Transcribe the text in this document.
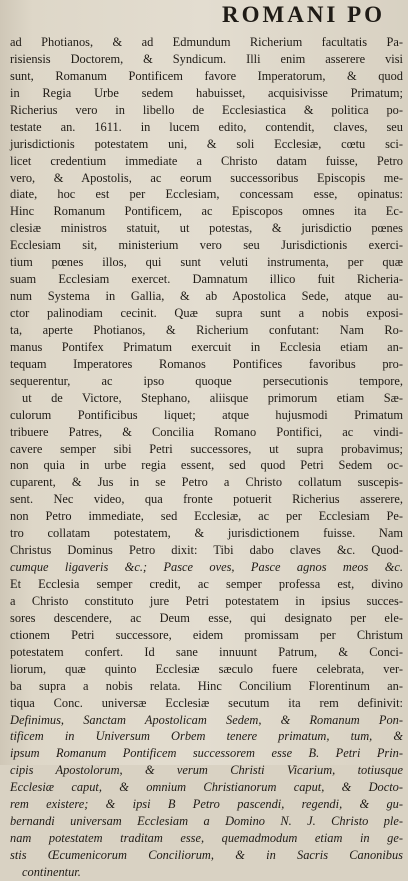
ROMANI PO
ad Photianos, & ad Edmundum Richerium facultatis Pa-
risiensis Doctorem, & Syndicum. Illi enim asserere visi
sunt, Romanum Pontificem favore Imperatorum, & quod
in Regia Urbe sedem habuisset, acquisivisse Primatum;
Richerius vero in libello de Ecclesiastica & politica po-
testate an. 1611. in lucem edito, contendit, claves, seu
jurisdictionis potestatem uni, & soli Ecclesiæ, cœtu sci-
licet credentium immediate a Christo datam fuisse, Petro
vero, & Apostolis, ac eorum successoribus Episcopis me-
diate, hoc est per Ecclesiam, concessam esse, opinatus:
Hinc Romanum Pontificem, ac Episcopos omnes ita Ec-
clesiæ ministros statuit, ut potestas, & jurisdictio pœnes
Ecclesiam sit, ministerium vero seu Jurisdictionis exerci-
tium pœnes illos, qui sunt veluti instrumenta, per quæ
suam Ecclesiam exercet. Damnatum illico fuit Richeria-
num Systema in Gallia, & ab Apostolica Sede, atque au-
ctor palinodiam cecinit. Quæ supra sunt a nobis exposi-
ta, aperte Photianos, & Richerium confutant: Nam Ro-
manus Pontifex Primatum exercuit in Ecclesia etiam an-
tequam Imperatores Romanos Pontifices favoribus pro-
sequerentur, ac ipso quoque persecutionis tempore,
ut de Victore, Stephano, aliisque primorum etiam Sæ-
culorum Pontificibus liquet; atque hujusmodi Primatum
tribuere Patres, & Concilia Romano Pontifici, ac vindi-
cavere semper sibi Petri successores, ut supra probavimus;
non quia in urbe regia essent, sed quod Petri Sedem oc-
cuparent, & Jus in se Petro a Christo collatum suscepis-
sent. Nec video, qua fronte potuerit Richerius asserere,
non Petro immediate, sed Ecclesiæ, ac per Ecclesiam Pe-
tro collatam potestatem, & jurisdictionem fuisse. Nam
Christus Dominus Petro dixit: Tibi dabo claves &c. Quod-
cumque ligaveris &c.; Pasce oves, Pasce agnos meos &c.
Et Ecclesia semper credit, ac semper professa est, divino
a Christo constituto jure Petri potestatem in ipsius succes-
sores descendere, ac Deum esse, qui designato per ele-
ctionem Petri successore, eidem promissam per Christum
potestatem confert. Id sane innuunt Patrum, & Conci-
liorum, quæ quinto Ecclesiæ sæculo fuere celebrata, ver-
ba supra a nobis relata. Hinc Concilium Florentinum an-
tiqua Conc. universæ Ecclesiæ secutum ita rem definivit:
Definimus, Sanctam Apostolicam Sedem, & Romanum Pon-
tificem in Universum Orbem tenere primatum, tum, &
ipsum Romanum Pontificem successorem esse B. Petri Prin-
cipis Apostolorum, & verum Christi Vicarium, totiusque
Ecclesiæ caput, & omnium Christianorum caput, & Docto-
rem existere; & ipsi B Petro pascendi, regendi, & gu-
bernandi universam Ecclesiam a Domino N. J. Christo ple-
nam potestatem traditam esse, quemadmodum etiam in ge-
stis Œcumenicorum Conciliorum, & in Sacris Canonibus
continentur.
